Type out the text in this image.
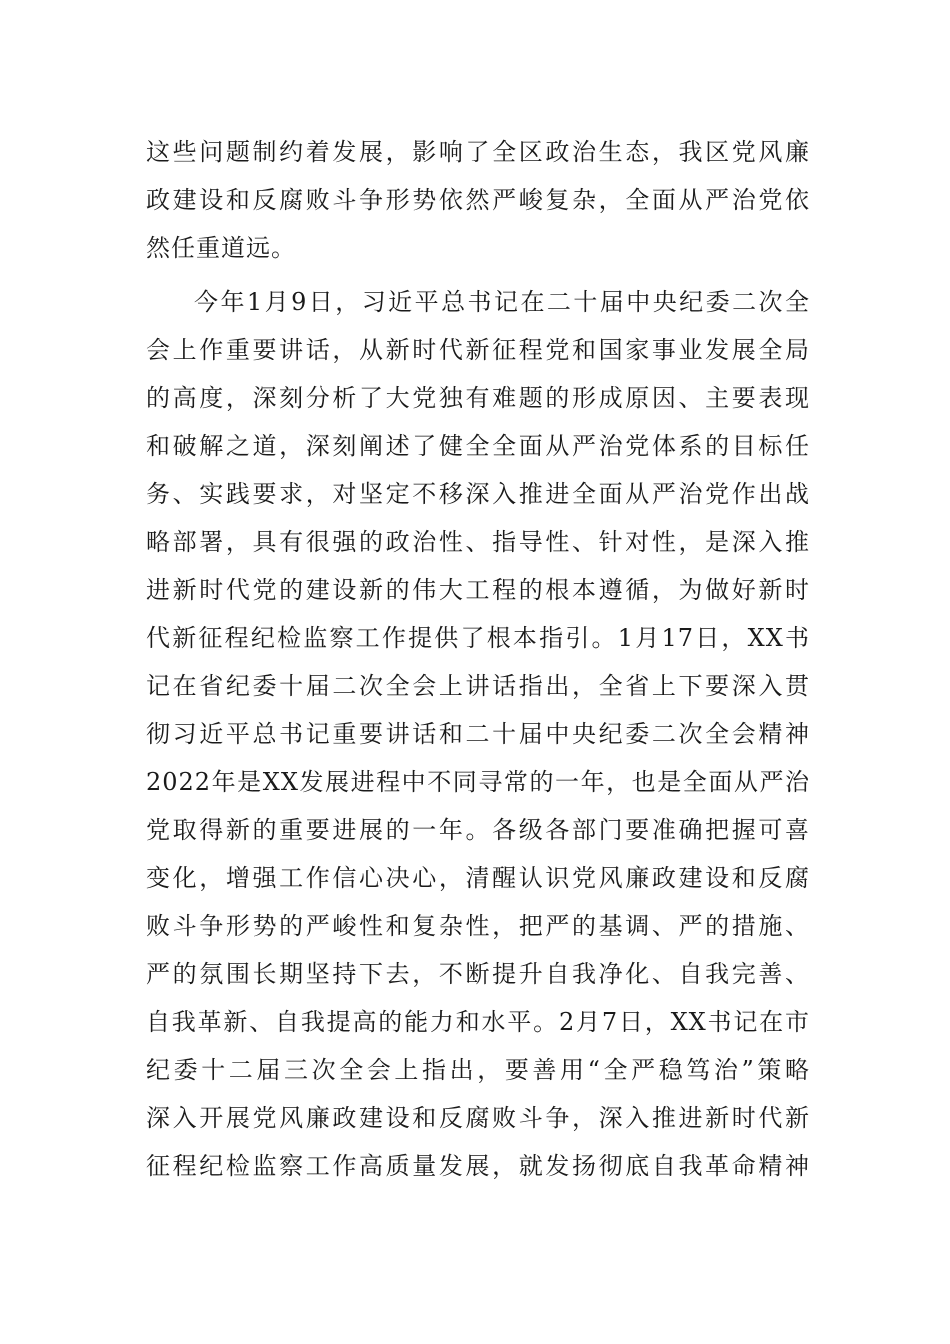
这些问题制约着发展，影响了全区政治生态，我区党风廉
政建设和反腐败斗争形势依然严峻复杂，全面从严治党依
然任重道远。
今年1月9日，习近平总书记在二十届中央纪委二次全
会上作重要讲话，从新时代新征程党和国家事业发展全局
的高度，深刻分析了大党独有难题的形成原因、主要表现
和破解之道，深刻阐述了健全全面从严治党体系的目标任
务、实践要求，对坚定不移深入推进全面从严治党作出战
略部署，具有很强的政治性、指导性、针对性，是深入推
进新时代党的建设新的伟大工程的根本遵循，为做好新时
代新征程纪检监察工作提供了根本指引。1月17日，XX书
记在省纪委十届二次全会上讲话指出，全省上下要深入贯
彻习近平总书记重要讲话和二十届中央纪委二次全会精神
2022年是XX发展进程中不同寻常的一年，也是全面从严治
党取得新的重要进展的一年。各级各部门要准确把握可喜
变化，增强工作信心决心，清醒认识党风廉政建设和反腐
败斗争形势的严峻性和复杂性，把严的基调、严的措施、
严的氛围长期坚持下去，不断提升自我净化、自我完善、
自我革新、自我提高的能力和水平。2月7日，XX书记在市
纪委十二届三次全会上指出，要善用“全严稳笃治”策略
深入开展党风廉政建设和反腐败斗争，深入推进新时代新
征程纪检监察工作高质量发展，就发扬彻底自我革命精神
